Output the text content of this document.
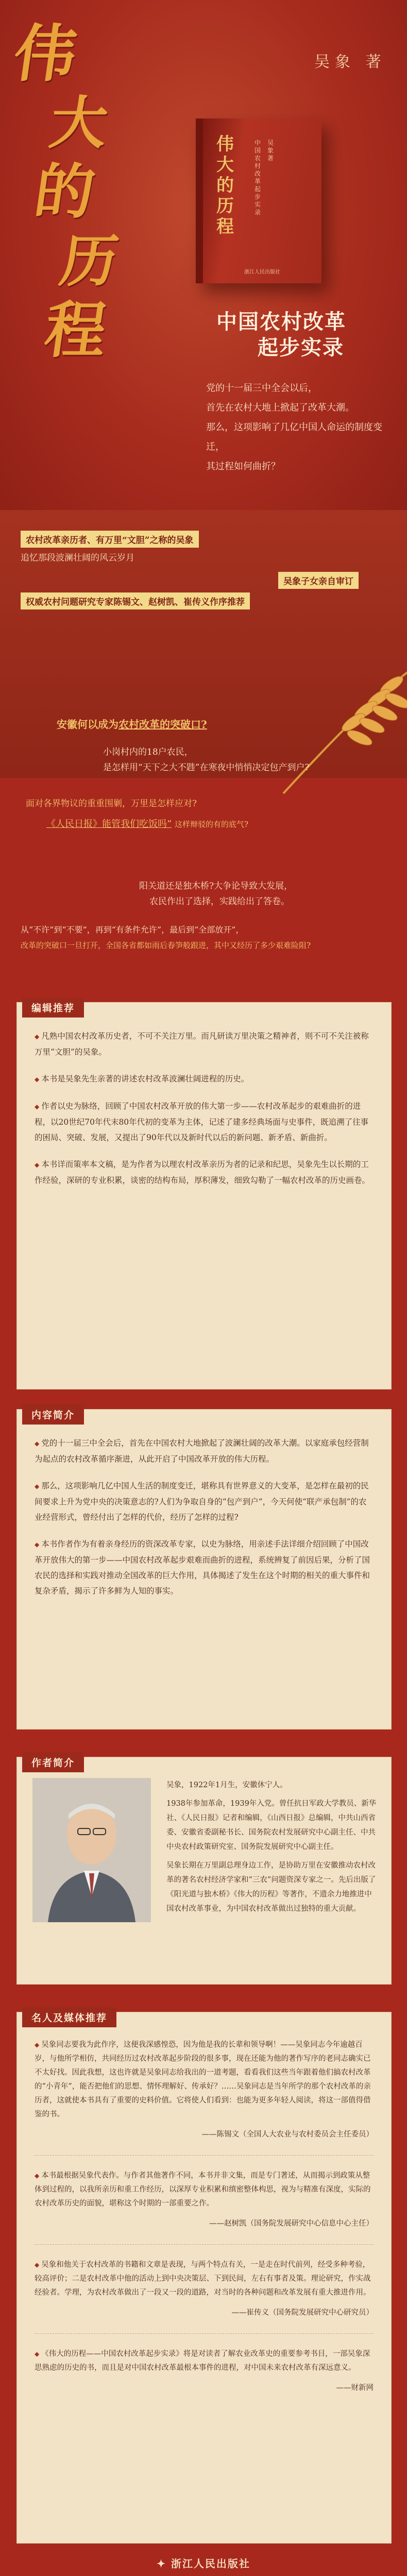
伟
大
的
历
程
吴象 著
伟大的历程
中国农村改革起步实录
吴象 著
浙江人民出版社
中国农村改革
起步实录

党的十一届三中全会以后，

首先在农村大地上掀起了改革大潮。

那么，这项影响了几亿中国人命运的制度变迁，

其过程如何曲折？

农村改革亲历者、有万里“文胆”之称的吴象
追忆那段波澜壮阔的风云岁月
吴象子女亲自审订
权威农村问题研究专家陈锡文、赵树凯、崔传义作序推荐
安徽何以成为农村改革的突破口?
小岗村内的18户农民，
是怎样用“天下之大不韪”在寒夜中悄悄决定包产到户?
面对各界物议的重重围剿，万里是怎样应对?
《人民日报》能管我们吃饭吗” 这样辩驳的有的底气?
阳关道还是独木桥?大争论导致大发展，
农民作出了选择，实践给出了答卷。
从“不许”到“不要”，再到“有条件允许”，最后到“全部放开”，
改革的突破口一旦打开，全国各省都如雨后春笋般跟进，其中又经历了多少艰难险阻?
编辑推荐

◆ 凡熟中国农村改革历史者，不可不关注万里。而凡研读万里决策之精神者，则不可不关注被称万里“文胆”的吴象。

◆ 本书是吴象先生亲著的讲述农村改革波澜壮阔进程的历史。

◆ 作者以史为脉络，回顾了中国农村改革开放的伟大第一步——农村改革起步的艰难曲折的进程，以20世纪70年代末80年代初的变革为主体，记述了建多经典场面与史事件，既追溯了往事的困局、突破、发展，又提出了90年代以及新时代以后的新问题、新矛盾、新曲折。

◆ 本书详而策率本文稿，是为作者为以理农村改革亲历为者的记录和纪思，吴象先生以长期的工作经验，深研的专业积累，谈密的结构布局，厚积薄发，细致勾勒了一幅农村改革的历史画卷。

内容简介

◆ 党的十一届三中全会后，首先在中国农村大地掀起了波澜壮阔的改革大潮。以家庭承包经营制为起点的农村改革循序渐进，从此开启了中国改革开放的伟大历程。

◆ 那么，这项影响几亿中国人生活的制度变迁，堪称具有世界意义的大变革，是怎样在最初的民间要求上升为党中央的决策意志的?人们为争取自身的“包产到户”，今天何使“联产承包制”的农业经营形式，曾经付出了怎样的代价，经历了怎样的过程?

◆ 本书作者作为有着亲身经历的资深改革专家，以史为脉络，用亲述手法详细介绍回顾了中国改革开放伟大的第一步——中国农村改革起步艰难而曲折的进程，系统辨复了前因后果，分析了国农民的选择和实践对推动全国改革的巨大作用，具体揭述了发生在这个时期的相关的重大事件和复杂矛盾，揭示了许多鲜为人知的事实。

作者简介

吴象，1922年1月生，安徽休宁人。

1938年参加革命，1939年入党。曾任抗日军政大学教员、新华社、《人民日报》记者和编辑，《山西日报》总编辑，中共山西省委、安徽省委副秘书长、国务院农村发展研究中心副主任、中共中央农村政策研究室、国务院发展研究中心副主任。

吴象长期在万里副总理身边工作，是协助万里在安徽推动农村改革的著名农村经济学家和“三农”问题资深专家之一。先后出版了《阳光道与独木桥》《伟大的历程》等著作，不遗余力地推进中国农村改革事业，为中国农村改革做出过独特的重大贡献。

名人及媒体推荐

◆ 吴象同志要我为此作序，这便我深感惶恐，因为他是我的长辈和领导啊！——吴象同志今年逾越百岁，与他所学相仿，共同经历过农村改革起步阶段的很多事，现在还能为他的著作写序的老同志确实已不太好找。因此我想，这也许就是吴象同志给我出的一道考题，看看我们这些当年跟着他们搞农村改革的“小青年”，能否把他们的思想、情怀理解好、传承好？……吴象同志是当年所学的那个农村改革的亲历者，这就使本书具有了重要的史料价值。它将使人们看到：也能为更多年轻人阅读，将这一部值得借鉴的书。

——陈锡文（全国人大农业与农村委员会主任委员）

◆ 本书最根据吴象代表作。与作者其他著作不同，本书并非文集，而是专门著述，从而揭示到政策从整体到过程的，以我所亲历和重工作经历，以深厚专业积累和缜密整体构思，视为与精准有深度，实际的农村改革历史的面貌，堪称这个时期的一部重要之作。

——赵树凯（国务院发展研究中心信息中心主任）

◆ 吴象和他关于农村改革的书籍和文章是表现，与两个特点有关，一是走在时代前列，经受多种考验，较高评价；二是农村改革中他的活动上到中央决策层、下到民间，左右有事者及策。理论研究，作实战经验者。学理，为农村改革做出了一段又一段的道路，对当时的各种问题和改革发展有重大推进作用。

——崔传义（国务院发展研究中心研究员）

◆ 《伟大的历程——中国农村改革起步实录》将是对读者了解农业改革史的重要参考书目，一部吴象深思熟虑的历史的书，而且是对中国农村改革最根本事件的进程，对中国未来农村改革有深远意义。

——财新网
✦ 浙江人民出版社
